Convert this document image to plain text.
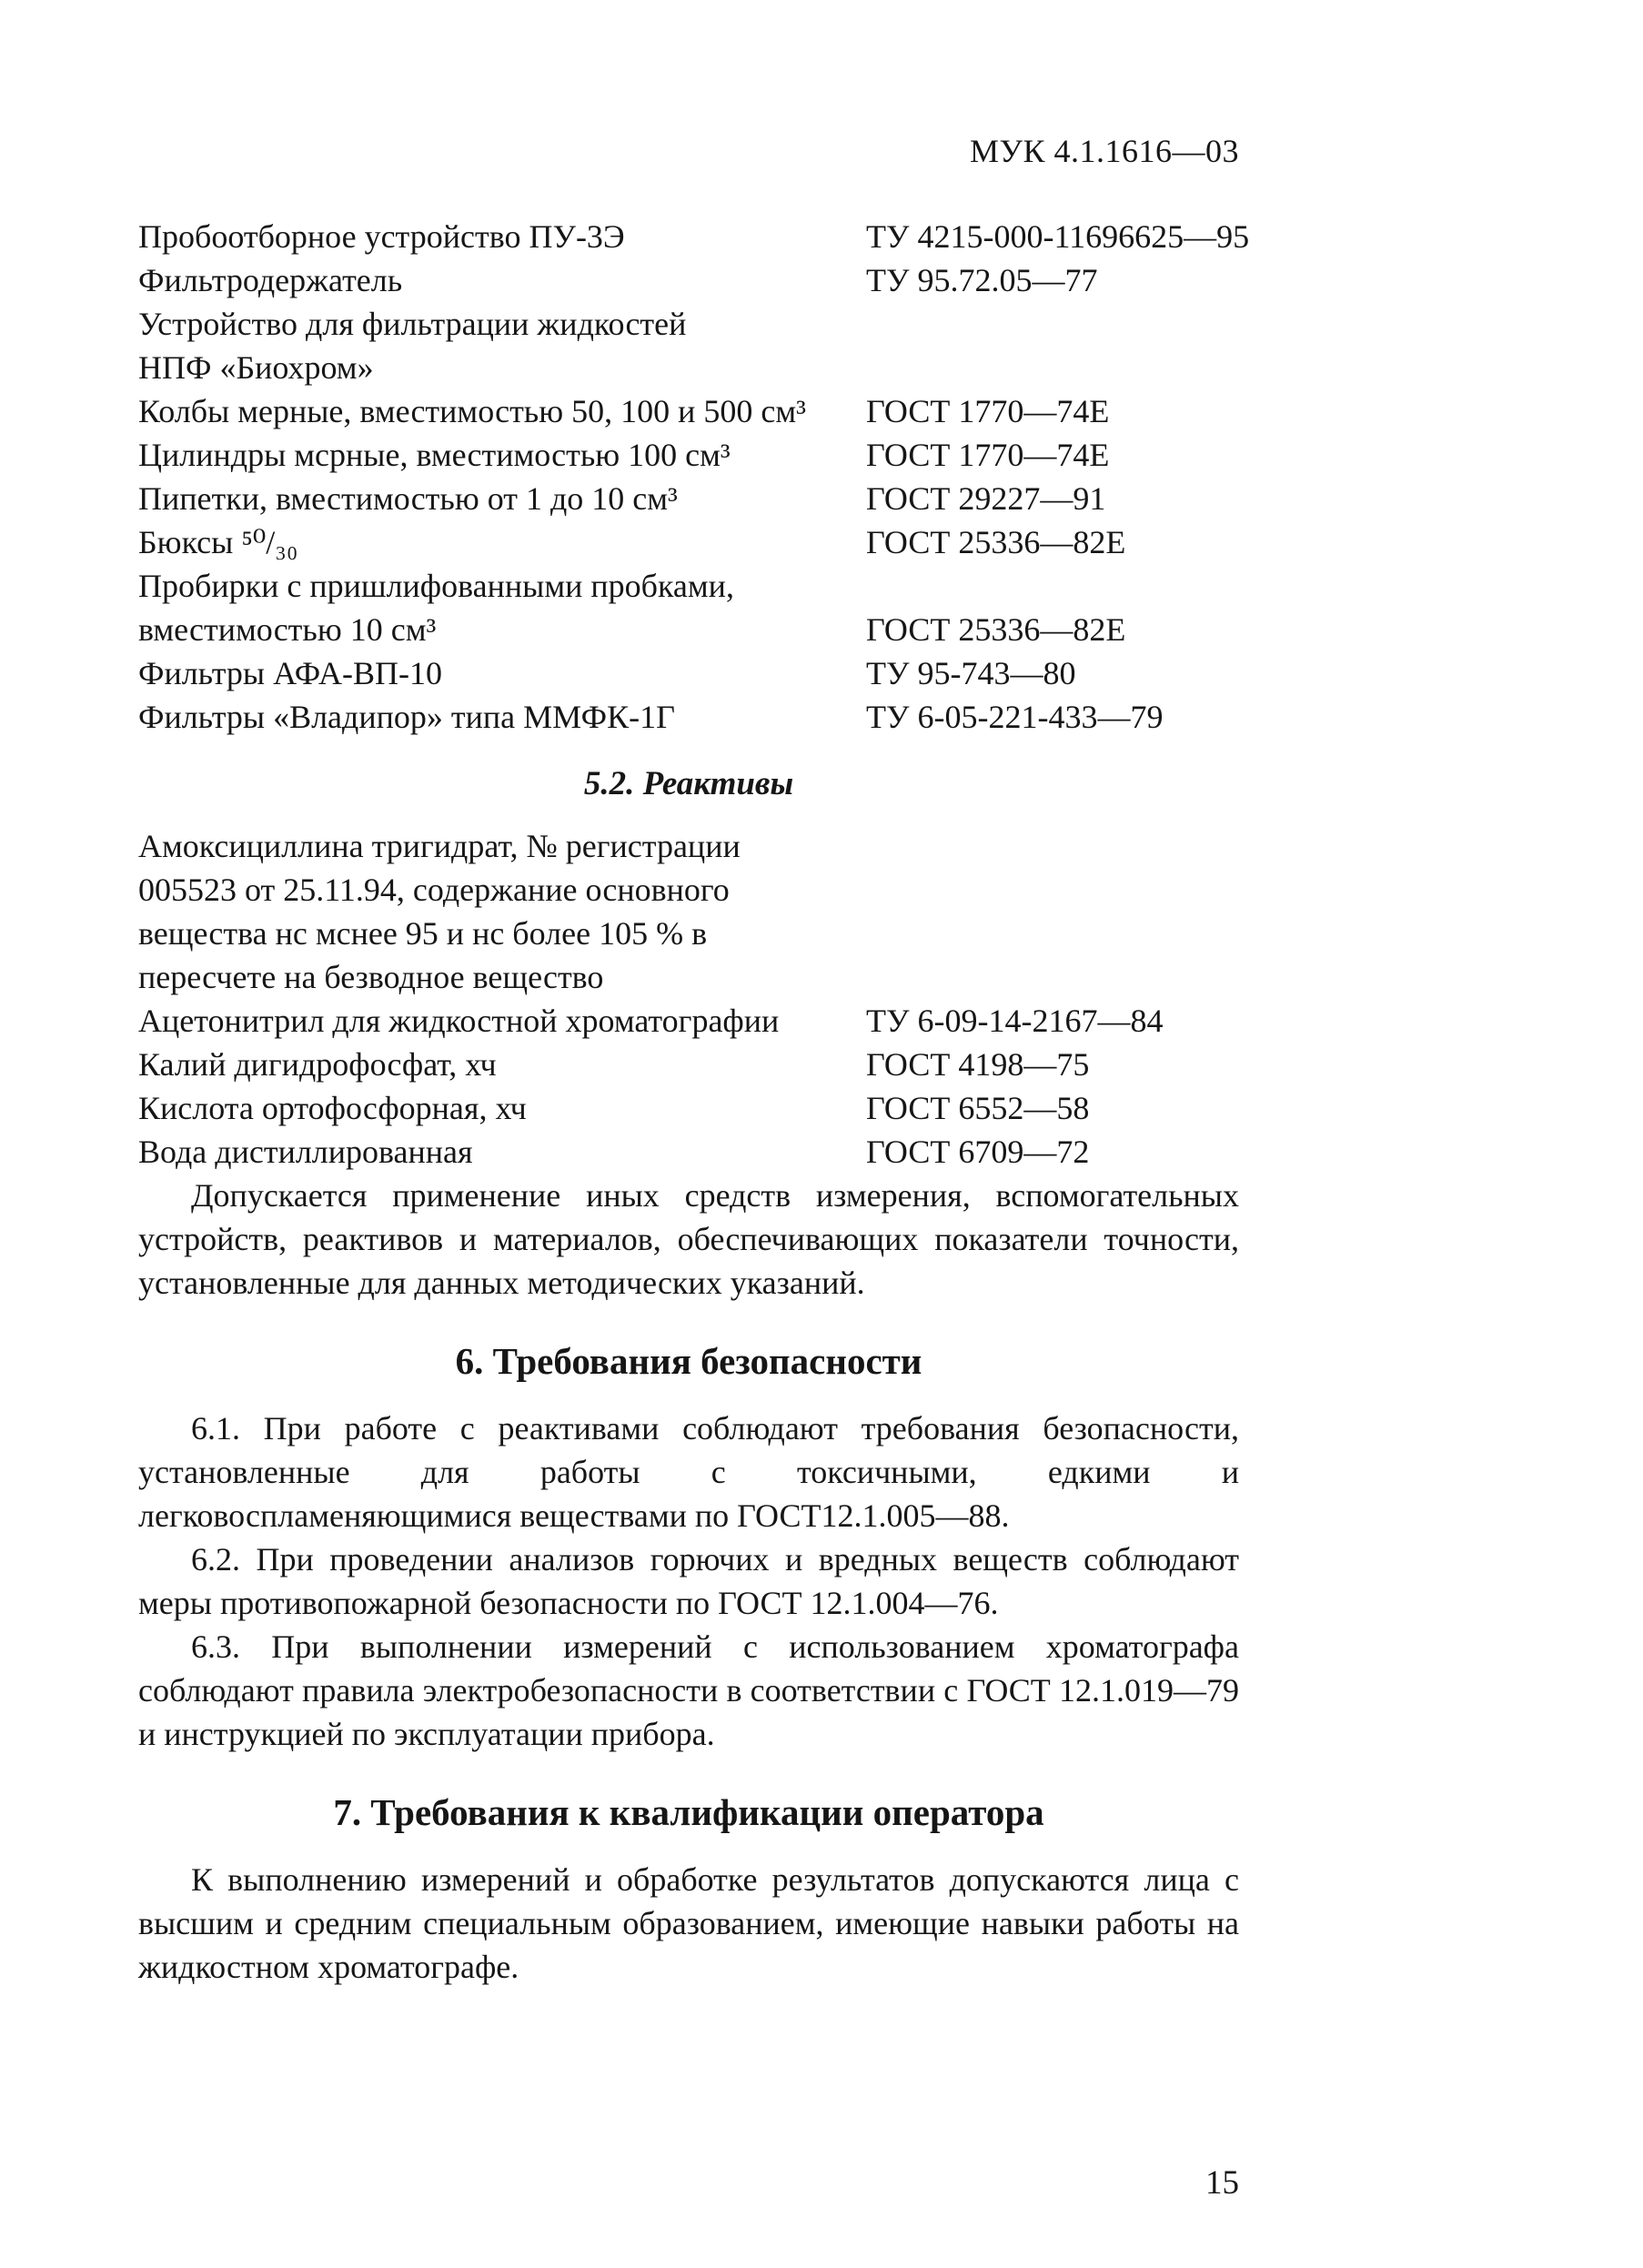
МУК 4.1.1616—03
Пробоотборное устройство ПУ-3Э	ТУ 4215-000-11696625—95
Фильтродержатель	ТУ 95.72.05—77
Устройство для фильтрации жидкостей
НПФ «Биохром»
Колбы мерные, вместимостью 50, 100 и 500 см³	ГОСТ 1770—74Е
Цилиндры мсрные, вместимостью 100 см³	ГОСТ 1770—74Е
Пипетки, вместимостью от 1 до 10 см³	ГОСТ 29227—91
Бюксы ⁵⁰/₃₀	ГОСТ 25336—82Е
Пробирки с пришлифованными пробками,
вместимостью 10 см³	ГОСТ 25336—82Е
Фильтры АФА-ВП-10	ТУ 95-743—80
Фильтры «Владипор» типа ММФК-1Г	ТУ 6-05-221-433—79
5.2. Реактивы
Амоксициллина тригидрат, № регистрации 005523 от 25.11.94, содержание основного вещества нс мснее 95 и нс более 105 % в пересчете на безводное вещество
Ацетонитрил для жидкостной хроматографии	ТУ 6-09-14-2167—84
Калий дигидрофосфат, хч	ГОСТ 4198—75
Кислота ортофосфорная, хч	ГОСТ 6552—58
Вода дистиллированная	ГОСТ 6709—72

Допускается применение иных средств измерения, вспомогательных устройств, реактивов и материалов, обеспечивающих показатели точности, установленные для данных методических указаний.

6. Требования безопасности

6.1. При работе с реактивами соблюдают требования безопасности, установленные для работы с токсичными, едкими и легковоспламеняющимися веществами по ГОСТ12.1.005—88.

6.2. При проведении анализов горючих и вредных веществ соблюдают меры противопожарной безопасности по ГОСТ 12.1.004—76.

6.3. При выполнении измерений с использованием хроматографа соблюдают правила электробезопасности в соответствии с ГОСТ 12.1.019—79 и инструкцией по эксплуатации прибора.

7. Требования к квалификации оператора

К выполнению измерений и обработке результатов допускаются лица с высшим и средним специальным образованием, имеющие навыки работы на жидкостном хроматографе.

15
